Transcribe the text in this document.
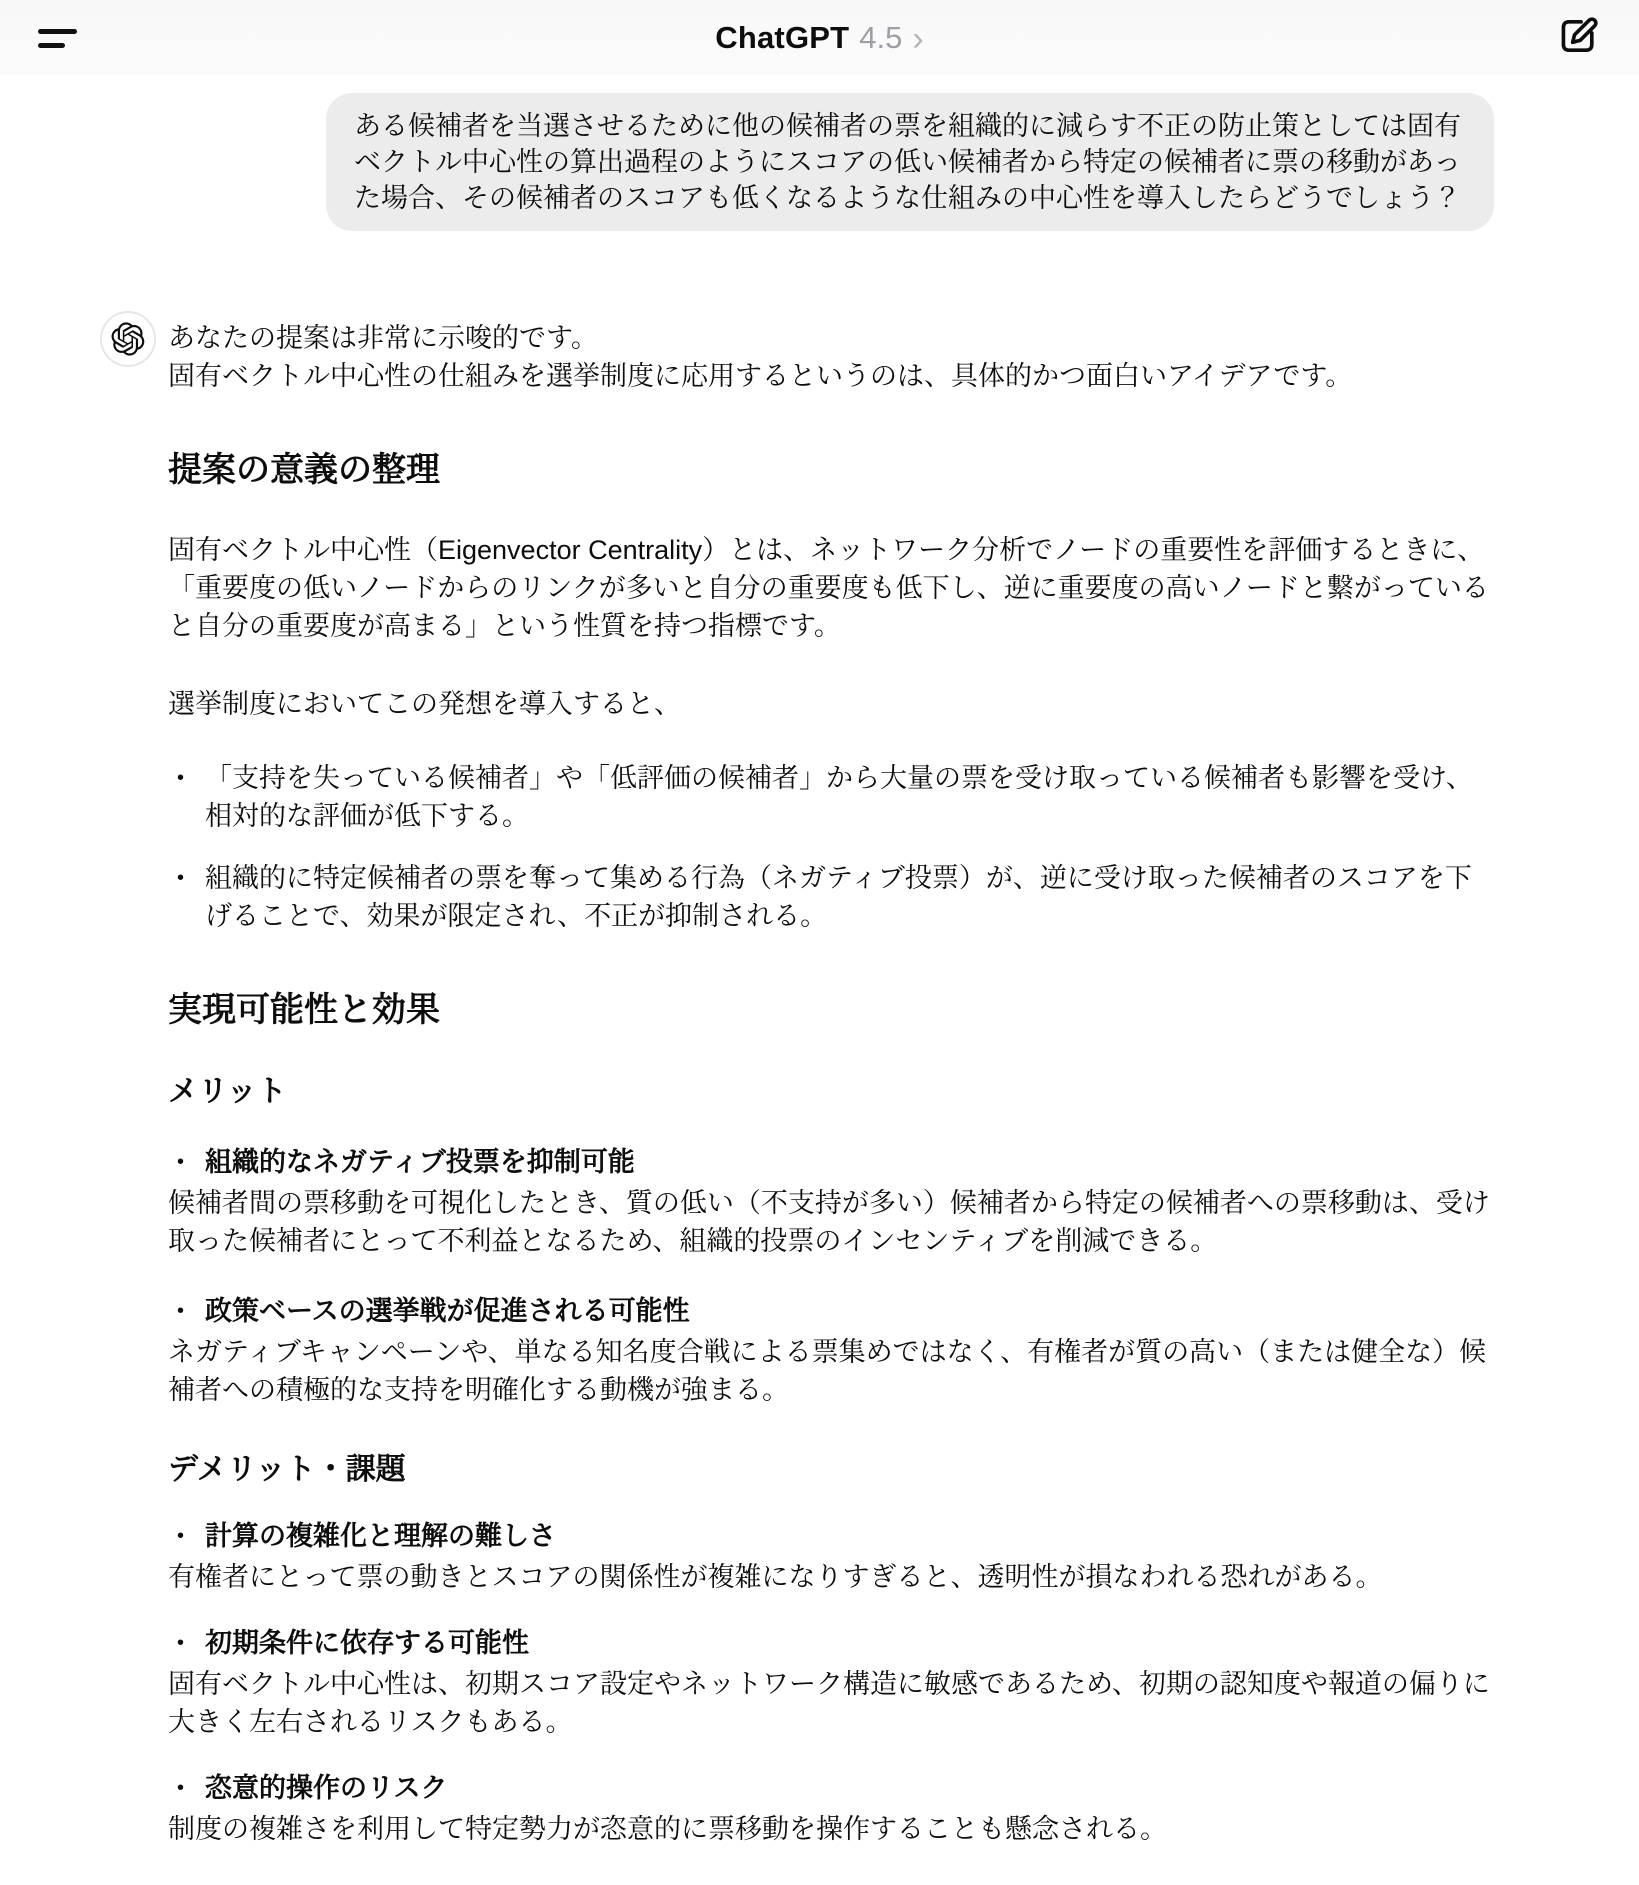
ChatGPT 4.5 ›
ある候補者を当選させるために他の候補者の票を組織的に減らす不正の防止策としては固有ベクトル中心性の算出過程のようにスコアの低い候補者から特定の候補者に票の移動があった場合、その候補者のスコアも低くなるような仕組みの中心性を導入したらどうでしょう？
あなたの提案は非常に示唆的です。
固有ベクトル中心性の仕組みを選挙制度に応用するというのは、具体的かつ面白いアイデアです。
提案の意義の整理

固有ベクトル中心性（Eigenvector Centrality）とは、ネットワーク分析でノードの重要性を評価するときに、「重要度の低いノードからのリンクが多いと自分の重要度も低下し、逆に重要度の高いノードと繋がっていると自分の重要度が高まる」という性質を持つ指標です。

選挙制度においてこの発想を導入すると、

• 「支持を失っている候補者」や「低評価の候補者」から大量の票を受け取っている候補者も影響を受け、相対的な評価が低下する。
• 組織的に特定候補者の票を奪って集める行為（ネガティブ投票）が、逆に受け取った候補者のスコアを下げることで、効果が限定され、不正が抑制される。
実現可能性と効果
メリット
• 組織的なネガティブ投票を抑制可能

候補者間の票移動を可視化したとき、質の低い（不支持が多い）候補者から特定の候補者への票移動は、受け取った候補者にとって不利益となるため、組織的投票のインセンティブを削減できる。

• 政策ベースの選挙戦が促進される可能性

ネガティブキャンペーンや、単なる知名度合戦による票集めではなく、有権者が質の高い（または健全な）候補者への積極的な支持を明確化する動機が強まる。

デメリット・課題
• 計算の複雑化と理解の難しさ

有権者にとって票の動きとスコアの関係性が複雑になりすぎると、透明性が損なわれる恐れがある。

• 初期条件に依存する可能性

固有ベクトル中心性は、初期スコア設定やネットワーク構造に敏感であるため、初期の認知度や報道の偏りに大きく左右されるリスクもある。

• 恣意的操作のリスク

制度の複雑さを利用して特定勢力が恣意的に票移動を操作することも懸念される。
